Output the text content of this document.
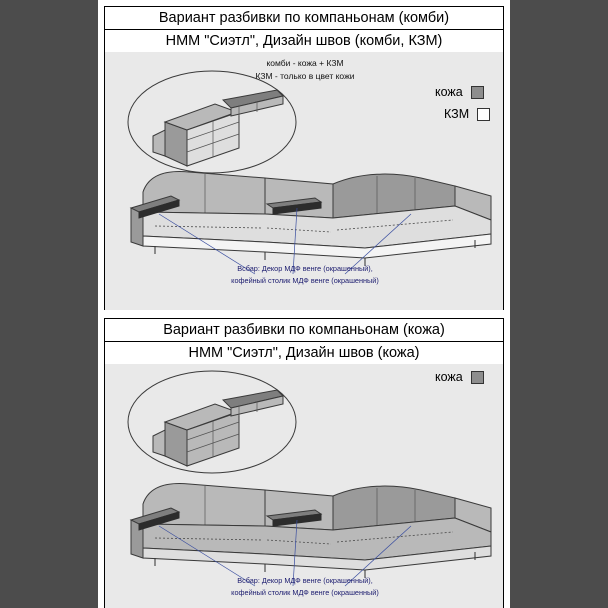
Вариант разбивки по компаньонам (комби)
НММ "Сиэтл", Дизайн швов (комби, КЗМ)
комби - кожа + КЗМ
КЗМ - только в цвет кожи
кожа
КЗМ
Всбар: Декор МДФ венге (окрашенный),
кофейный столик МДФ венге (окрашенный)
Вариант разбивки по компаньонам (кожа)
НММ "Сиэтл", Дизайн швов (кожа)
кожа
Всбар: Декор МДФ венге (окрашенный),
кофейный столик МДФ венге (окрашенный)
